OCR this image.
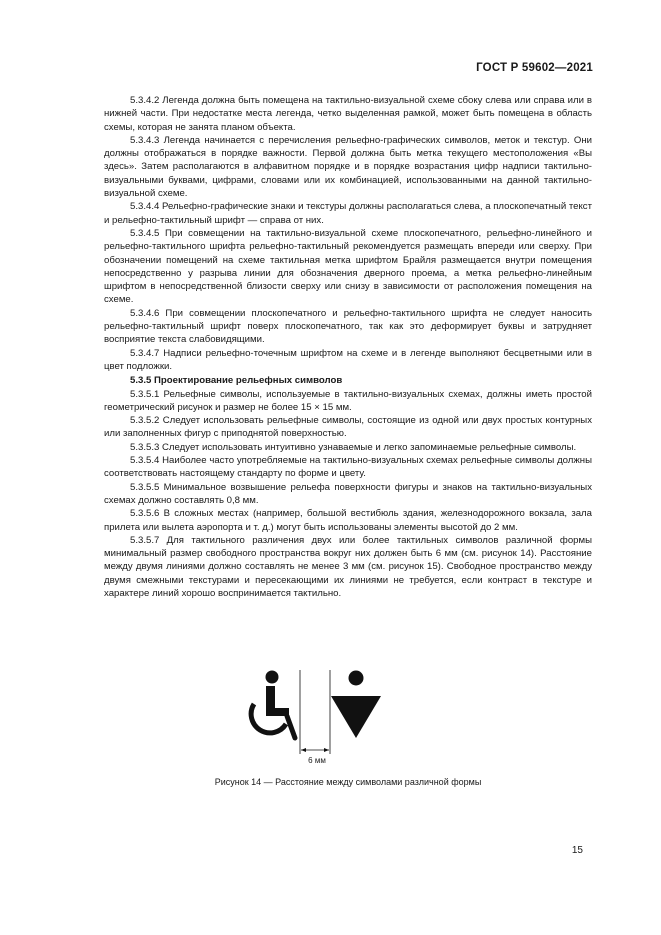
ГОСТ Р 59602—2021

5.3.4.2 Легенда должна быть помещена на тактильно-визуальной схеме сбоку слева или справа или в нижней части. При недостатке места легенда, четко выделенная рамкой, может быть помещена в область схемы, которая не занята планом объекта.

5.3.4.3 Легенда начинается с перечисления рельефно-графических символов, меток и текстур. Они должны отображаться в порядке важности. Первой должна быть метка текущего местоположения «Вы здесь». Затем располагаются в алфавитном порядке и в порядке возрастания цифр надписи тактильно-визуальными буквами, цифрами, словами или их комбинацией, использованными на данной тактильно-визуальной схеме.

5.3.4.4 Рельефно-графические знаки и текстуры должны располагаться слева, а плоскопечатный текст и рельефно-тактильный шрифт — справа от них.

5.3.4.5 При совмещении на тактильно-визуальной схеме плоскопечатного, рельефно-линейного и рельефно-тактильного шрифта рельефно-тактильный рекомендуется размещать впереди или сверху. При обозначении помещений на схеме тактильная метка шрифтом Брайля размещается внутри помещения непосредственно у разрыва линии для обозначения дверного проема, а метка рельефно-линейным шрифтом в непосредственной близости сверху или снизу в зависимости от расположения помещения на схеме.

5.3.4.6 При совмещении плоскопечатного и рельефно-тактильного шрифта не следует наносить рельефно-тактильный шрифт поверх плоскопечатного, так как это деформирует буквы и затрудняет восприятие текста слабовидящими.

5.3.4.7 Надписи рельефно-точечным шрифтом на схеме и в легенде выполняют бесцветными или в цвет подложки.

5.3.5 Проектирование рельефных символов

5.3.5.1 Рельефные символы, используемые в тактильно-визуальных схемах, должны иметь простой геометрический рисунок и размер не более 15 × 15 мм.

5.3.5.2 Следует использовать рельефные символы, состоящие из одной или двух простых контурных или заполненных фигур с приподнятой поверхностью.

5.3.5.3 Следует использовать интуитивно узнаваемые и легко запоминаемые рельефные символы.

5.3.5.4 Наиболее часто употребляемые на тактильно-визуальных схемах рельефные символы должны соответствовать настоящему стандарту по форме и цвету.

5.3.5.5 Минимальное возвышение рельефа поверхности фигуры и знаков на тактильно-визуальных схемах должно составлять 0,8 мм.

5.3.5.6 В сложных местах (например, большой вестибюль здания, железнодорожного вокзала, зала прилета или вылета аэропорта и т. д.) могут быть использованы элементы высотой до 2 мм.

5.3.5.7 Для тактильного различения двух или более тактильных символов различной формы минимальный размер свободного пространства вокруг них должен быть 6 мм (см. рисунок 14). Расстояние между двумя линиями должно составлять не менее 3 мм (см. рисунок 15). Свободное пространство между двумя смежными текстурами и пересекающими их линиями не требуется, если контраст в текстуре и характере линий хорошо воспринимается тактильно.

6 мм
Рисунок 14 — Расстояние между символами различной формы
15
